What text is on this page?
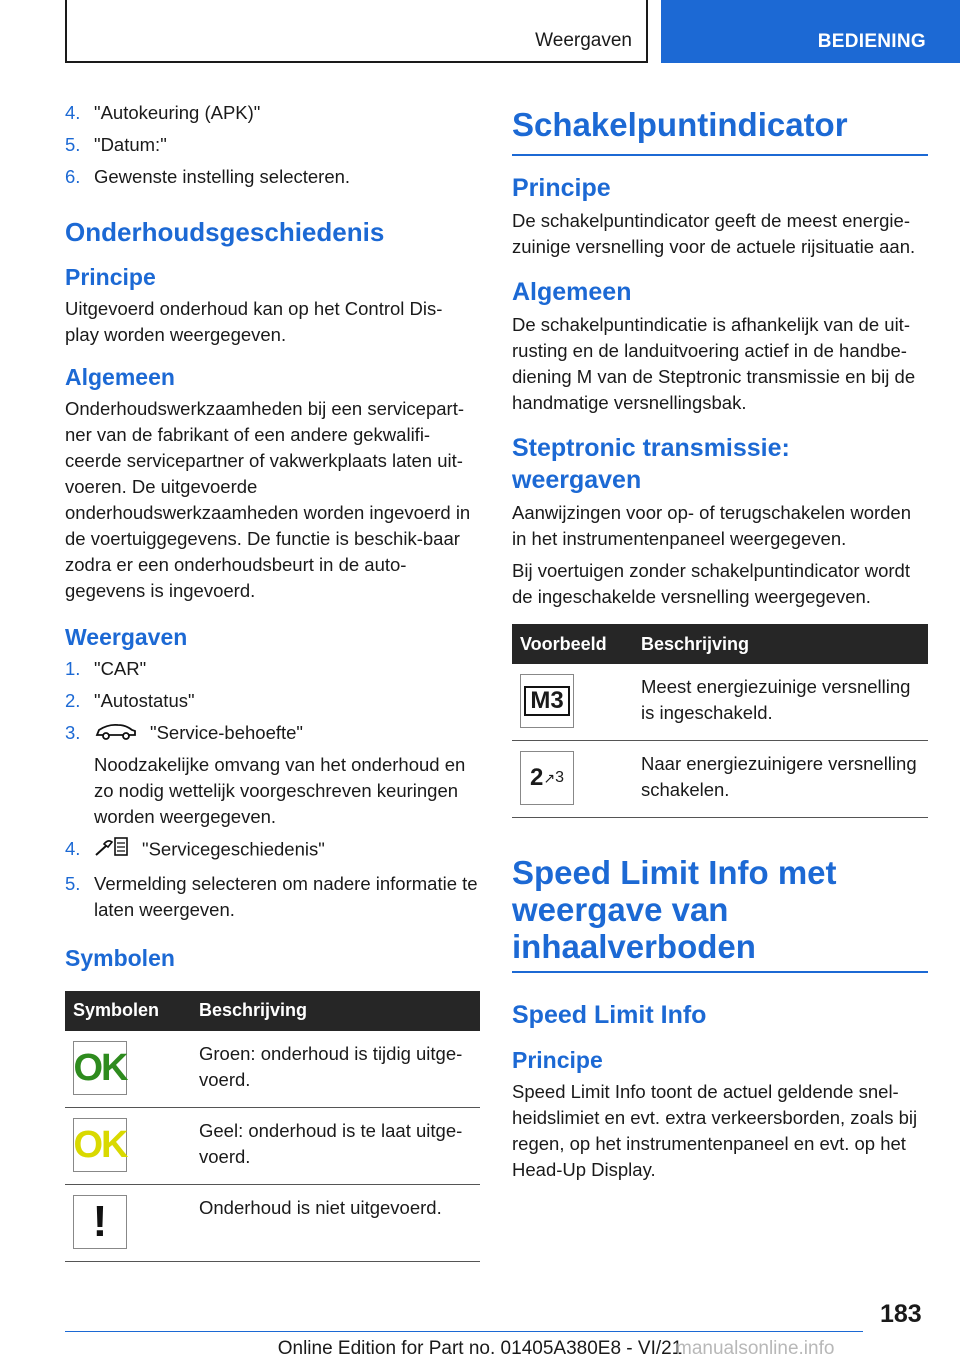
Weergaven	BEDIENING
4. "Autokeuring (APK)"
5. "Datum:"
6. Gewenste instelling selecteren.
Onderhoudsgeschiedenis
Principe

Uitgevoerd onderhoud kan op het Control Dis-play worden weergegeven.

Algemeen

Onderhoudswerkzaamheden bij een servicepart-ner van de fabrikant of een andere gekwalifi-ceerde servicepartner of vakwerkplaats laten uit-voeren. De uitgevoerde onderhoudswerkzaamheden worden ingevoerd in de voertuiggegevens. De functie is beschik-baar zodra er een onderhoudsbeurt in de auto-gegevens is ingevoerd.

Weergaven
1. "CAR"
2. "Autostatus"
3.	"Service-behoefte"
Noodzakelijke omvang van het onderhoud en zo nodig wettelijk voorgeschreven keuringen worden weergegeven.
4.	"Servicegeschiedenis"
5. Vermelding selecteren om nadere informatie te laten weergeven.
Symbolen
Symbolen	Beschrijving

OK	Groen: onderhoud is tijdig uitge-voerd.

OK	Geel: onderhoud is te laat uitge-voerd.

!	Onderhoud is niet uitgevoerd.
Schakelpuntindicator
Principe

De schakelpuntindicator geeft de meest energie-zuinige versnelling voor de actuele rijsituatie aan.

Algemeen

De schakelpuntindicatie is afhankelijk van de uit-rusting en de landuitvoering actief in de handbe-diening M van de Steptronic transmissie en bij de handmatige versnellingsbak.

Steptronic transmissie: weergaven

Aanwijzingen voor op- of terugschakelen worden in het instrumentenpaneel weergegeven.

Bij voertuigen zonder schakelpuntindicator wordt de ingeschakelde versnelling weergegeven.

Voorbeeld	Beschrijving

M3	Meest energiezuinige versnelling is ingeschakeld.

2 ↗ 3	Naar energiezuinigere versnelling schakelen.
Speed Limit Info met weergave van inhaalverboden
Speed Limit Info
Principe

Speed Limit Info toont de actuel geldende snel-heidslimiet en evt. extra verkeersborden, zoals bij regen, op het instrumentenpaneel en evt. op het Head-Up Display.

183
Online Edition for Part no. 01405A380E8 - VI/21
manualsonline.info
